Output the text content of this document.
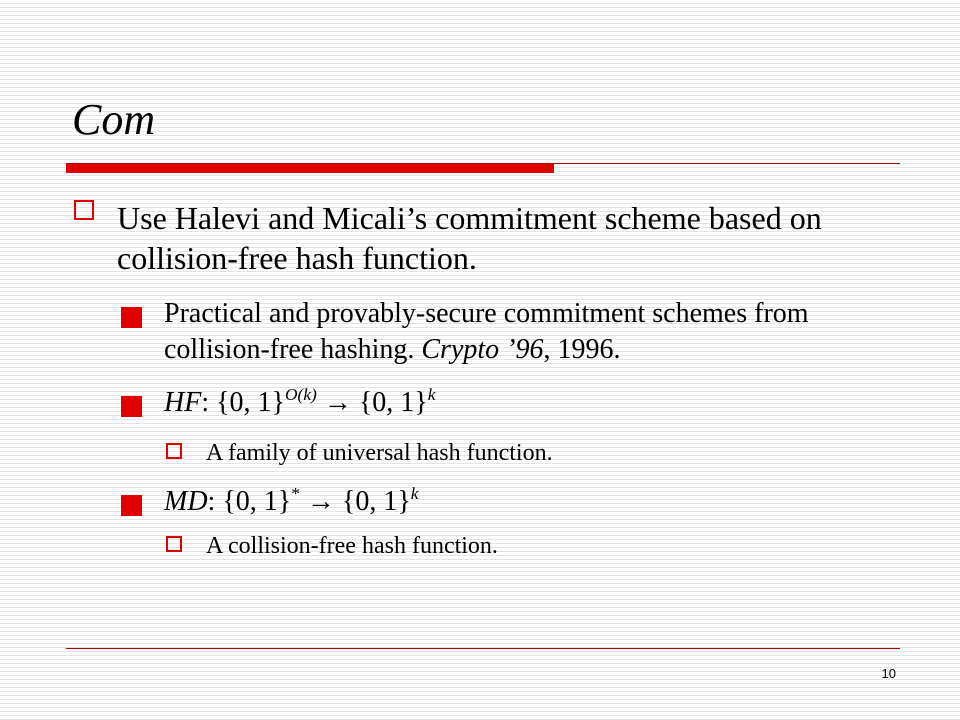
Com
Use Halevi and Micali’s commitment scheme based on collision-free hash function.
Practical and provably-secure commitment schemes from collision-free hashing. Crypto ’96, 1996.
HF: {0, 1}$^{O(k)}$ → {0, 1}$^k$
A family of universal hash function.
MD: {0, 1}* → {0, 1}$^k$
A collision-free hash function.
10
